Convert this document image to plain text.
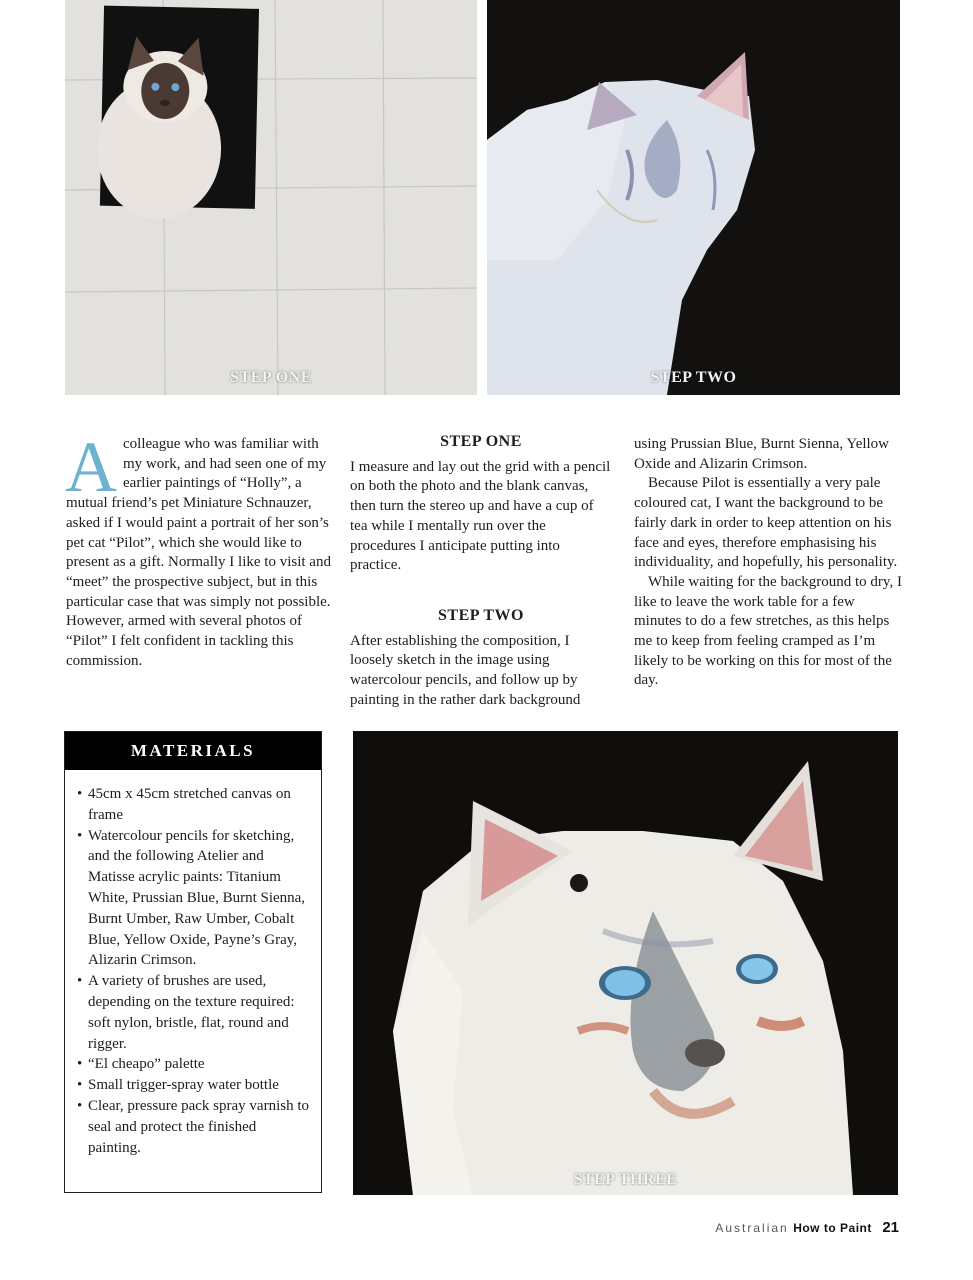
STEP ONE	STEP TWO

A colleague who was familiar with my work, and had seen one of my earlier paintings of “Holly”, a mutual friend’s pet Miniature Schnauzer, asked if I would paint a portrait of her son’s pet cat “Pilot”, which she would like to present as a gift. Normally I like to visit and “meet” the prospective subject, but in this particular case that was simply not possible. However, armed with several photos of “Pilot” I felt confident in tackling this commission.

STEP ONE

I measure and lay out the grid with a pencil on both the photo and the blank canvas, then turn the stereo up and have a cup of tea while I mentally run over the procedures I anticipate putting into practice.

STEP TWO

After establishing the composition, I loosely sketch in the image using watercolour pencils, and follow up by painting in the rather dark background

using Prussian Blue, Burnt Sienna, Yellow Oxide and Alizarin Crimson.

Because Pilot is essentially a very pale coloured cat, I want the background to be fairly dark in order to keep attention on his face and eyes, therefore emphasising his individuality, and hopefully, his personality.

While waiting for the background to dry, I like to leave the work table for a few minutes to do a few stretches, as this helps me to keep from feeling cramped as I’m likely to be working on this for most of the day.

MATERIALS
• 45cm x 45cm stretched canvas on frame
• Watercolour pencils for sketching, and the following Atelier and Matisse acrylic paints: Titanium White, Prussian Blue, Burnt Sienna, Burnt Umber, Raw Umber, Cobalt Blue, Yellow Oxide, Payne’s Gray, Alizarin Crimson.
• A variety of brushes are used, depending on the texture required: soft nylon, bristle, flat, round and rigger.
• “El cheapo” palette
• Small trigger-spray water bottle
• Clear, pressure pack spray varnish to seal and protect the finished painting.
STEP THREE
Australian How to Paint 21
